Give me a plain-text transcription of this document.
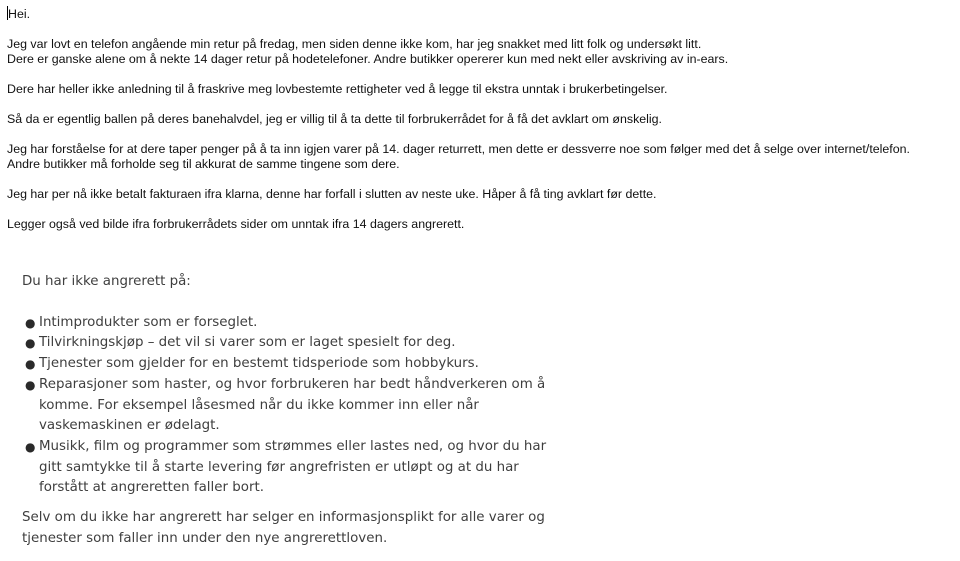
Hei.

Jeg var lovt en telefon angående min retur på fredag, men siden denne ikke kom, har jeg snakket med litt folk og undersøkt litt.
Dere er ganske alene om å nekte 14 dager retur på hodetelefoner. Andre butikker opererer kun med nekt eller avskriving av in-ears.

Dere har heller ikke anledning til å fraskrive meg lovbestemte rettigheter ved å legge til ekstra unntak i brukerbetingelser.

Så da er egentlig ballen på deres banehalvdel, jeg er villig til å ta dette til forbrukerrådet for å få det avklart om ønskelig.

Jeg har forståelse for at dere taper penger på å ta inn igjen varer på 14. dager returrett, men dette er dessverre noe som følger med det å selge over internet/telefon.
Andre butikker må forholde seg til akkurat de samme tingene som dere.

Jeg har per nå ikke betalt fakturaen ifra klarna, denne har forfall i slutten av neste uke. Håper å få ting avklart før dette.

Legger også ved bilde ifra forbrukerrådets sider om unntak ifra 14 dagers angrerett.

Du har ikke angrerett på:

● Intimprodukter som er forseglet.
● Tilvirkningskjøp – det vil si varer som er laget spesielt for deg.
● Tjenester som gjelder for en bestemt tidsperiode som hobbykurs.
● Reparasjoner som haster, og hvor forbrukeren har bedt håndverkeren om å
komme. For eksempel låsesmed når du ikke kommer inn eller når
vaskemaskinen er ødelagt.
● Musikk, film og programmer som strømmes eller lastes ned, og hvor du har
gitt samtykke til å starte levering før angrefristen er utløpt og at du har
forstått at angreretten faller bort.

Selv om du ikke har angrerett har selger en informasjonsplikt for alle varer og
tjenester som faller inn under den nye angrerettloven.
